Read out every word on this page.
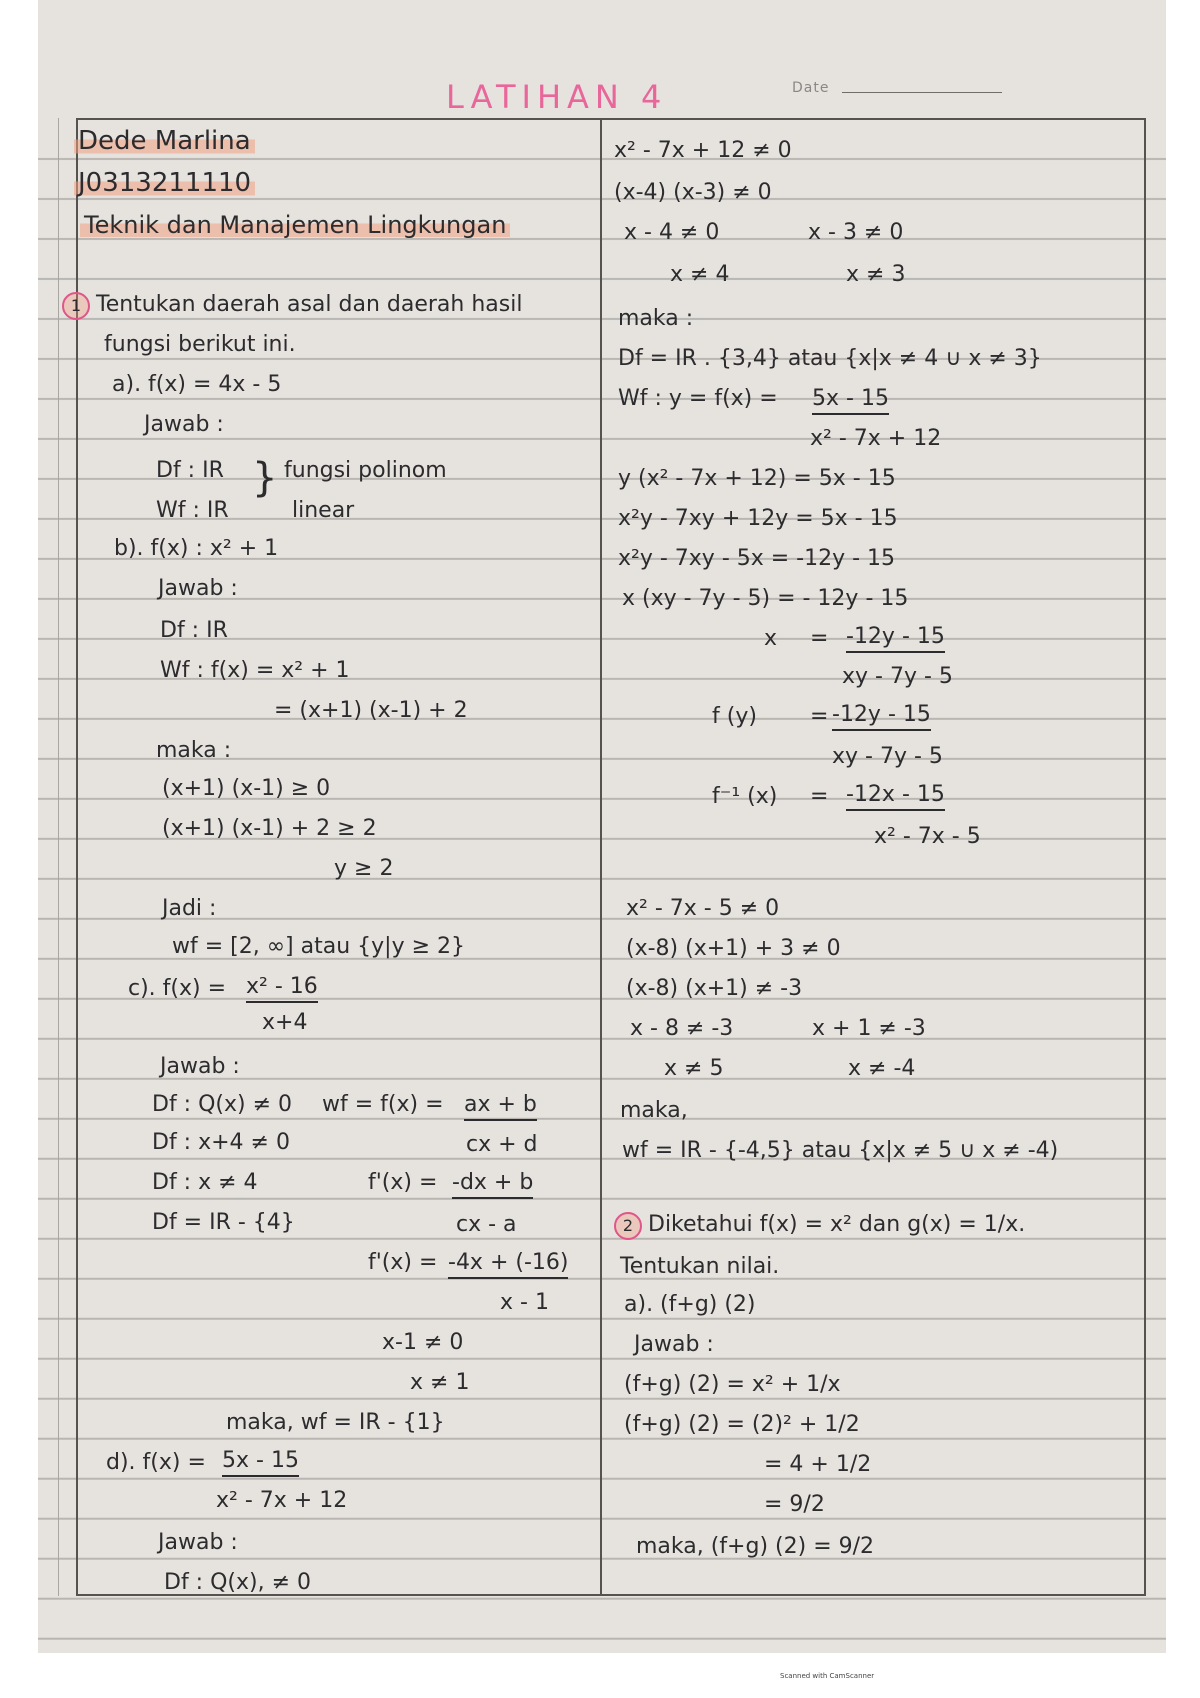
LATIHAN 4	Date
Dede Marlina
J0313211110
Teknik dan Manajemen Lingkungan
1 Tentukan daerah asal dan daerah hasil
fungsi berikut ini.
a). f(x) = 4x - 5
Jawab :
Df : IR
Wf : IR
} fungsi polinom
linear
b). f(x) : x² + 1
Jawab :
Df : IR
Wf : f(x) = x² + 1
= (x+1) (x-1) + 2
maka :
(x+1) (x-1) ≥ 0
(x+1) (x-1) + 2 ≥ 2
y ≥ 2
Jadi :
wf = [2, ∞] atau {y|y ≥ 2}
c). f(x) = x² - 16
x+4
Jawab :
Df : Q(x) ≠ 0 wf = f(x) = ax + b
Df : x+4 ≠ 0	cx + d
Df : x ≠ 4	f'(x) = -dx + b
Df = IR - {4}	cx - a
f'(x) = -4x + (-16)
x - 1
x-1 ≠ 0
x ≠ 1
maka, wf = IR - {1}
d). f(x) = 5x - 15
x² - 7x + 12
Jawab :
Df : Q(x), ≠ 0
x² - 7x + 12 ≠ 0
(x-4) (x-3) ≠ 0
x - 4 ≠ 0	x - 3 ≠ 0
x ≠ 4	x ≠ 3
maka :
Df = IR . {3,4} atau {x|x ≠ 4 ∪ x ≠ 3}
Wf : y = f(x) = 5x - 15
x² - 7x + 12
y (x² - 7x + 12) = 5x - 15
x²y - 7xy + 12y = 5x - 15
x²y - 7xy - 5x = -12y - 15
x (xy - 7y - 5) = - 12y - 15
x = -12y - 15
xy - 7y - 5
f (y) = -12y - 15
xy - 7y - 5
f⁻¹ (x) = -12x - 15
x² - 7x - 5
x² - 7x - 5 ≠ 0
(x-8) (x+1) + 3 ≠ 0
(x-8) (x+1) ≠ -3
x - 8 ≠ -3	x + 1 ≠ -3
x ≠ 5	x ≠ -4
maka,
wf = IR - {-4,5} atau {x|x ≠ 5 ∪ x ≠ -4)
2 Diketahui f(x) = x² dan g(x) = 1/x.
Tentukan nilai.
a). (f+g) (2)
Jawab :
(f+g) (2) = x² + 1/x
(f+g) (2) = (2)² + 1/2
= 4 + 1/2
= 9/2
maka, (f+g) (2) = 9/2
Scanned with CamScanner
